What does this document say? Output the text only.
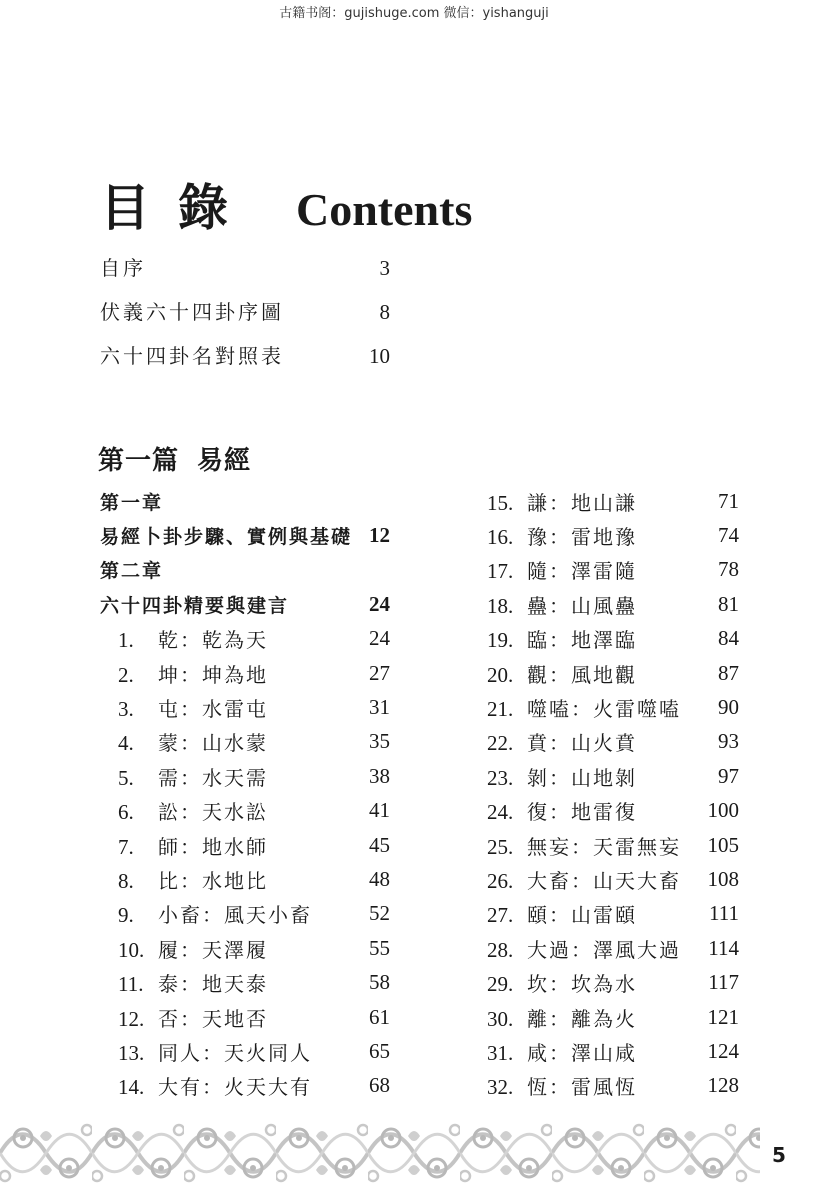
古籍书阁：gujishuge.com 微信：yishanguji
目錄 Contents
自序	3
伏義六十四卦序圖	8
六十四卦名對照表	10
第一篇 易經
第一章
易經卜卦步驟、實例與基礎 12
第二章
六十四卦精要與建言	24
1. 乾：乾為天	24
2. 坤：坤為地	27
3. 屯：水雷屯	31
4. 蒙：山水蒙	35
5. 需：水天需	38
6. 訟：天水訟	41
7. 師：地水師	45
8. 比：水地比	48
9. 小畜：風天小畜	52
10. 履：天澤履	55
11. 泰：地天泰	58
12. 否：天地否	61
13. 同人：天火同人	65
14. 大有：火天大有	68
15. 謙：地山謙	71
16. 豫：雷地豫	74
17. 隨：澤雷隨	78
18. 蠱：山風蠱	81
19. 臨：地澤臨	84
20. 觀：風地觀	87
21. 噬嗑：火雷噬嗑 90
22. 賁：山火賁	93
23. 剝：山地剝	97
24. 復：地雷復	100
25. 無妄：天雷無妄 105
26. 大畜：山天大畜 108
27. 頤：山雷頤	111
28. 大過：澤風大過 114
29. 坎：坎為水	117
30. 離：離為火	121
31. 咸：澤山咸	124
32. 恆：雷風恆	128
5
